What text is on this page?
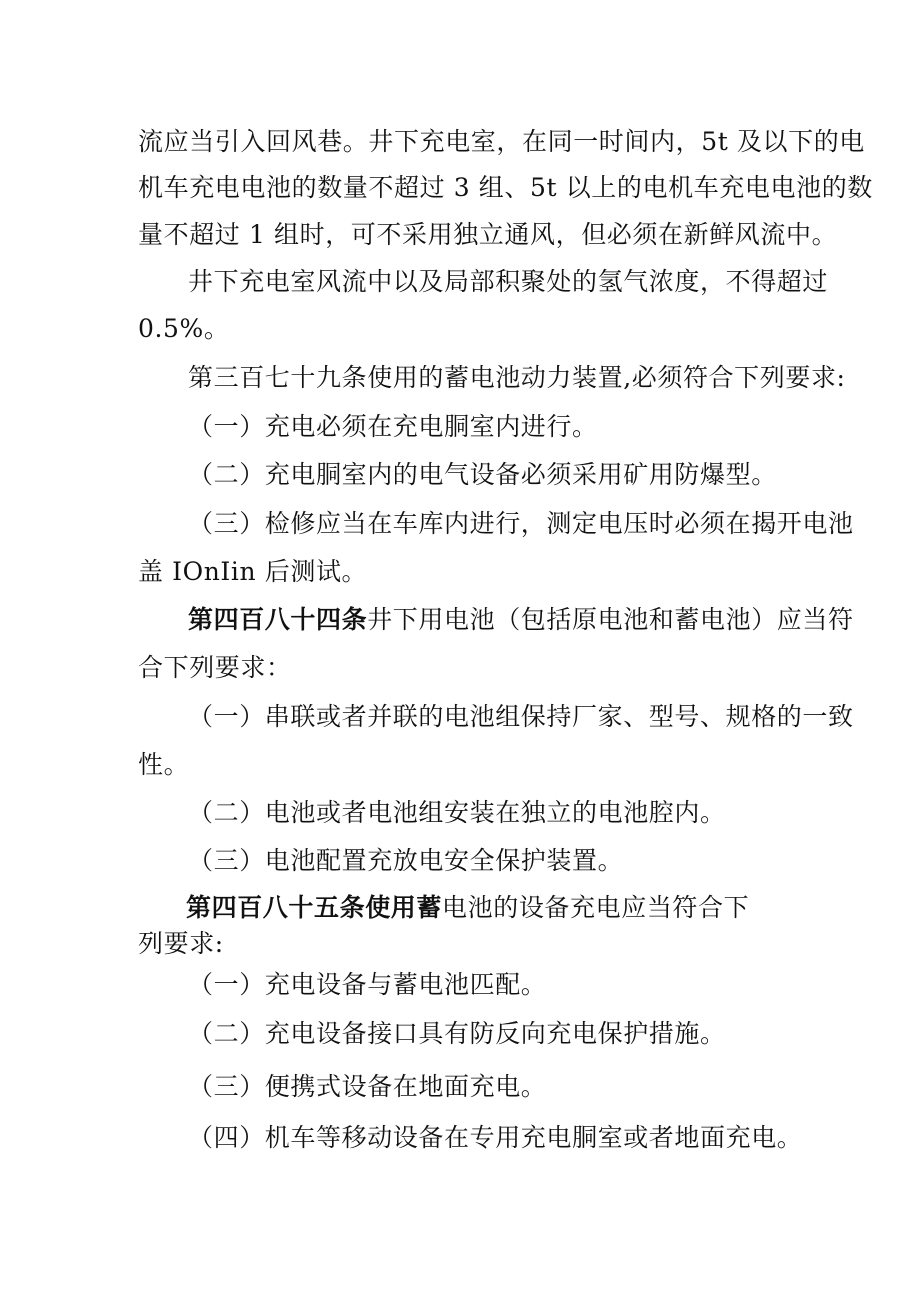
流应当引入回风巷。井下充电室，在同一时间内，5t 及以下的电
机车充电电池的数量不超过 3 组、5t 以上的电机车充电电池的数
量不超过 1 组时，可不采用独立通风，但必须在新鲜风流中。
井下充电室风流中以及局部积聚处的氢气浓度，不得超过
0.5%。
第三百七十九条使用的蓄电池动力装置,必须符合下列要求:
（一）充电必须在充电胴室内进行。
（二）充电胴室内的电气设备必须采用矿用防爆型。
（三）检修应当在车库内进行，测定电压时必须在揭开电池
盖 IOnIin 后测试。
第四百八十四条井下用电池（包括原电池和蓄电池）应当符
合下列要求：
（一）串联或者并联的电池组保持厂家、型号、规格的一致
性。
（二）电池或者电池组安装在独立的电池腔内。
（三）电池配置充放电安全保护装置。
第四百八十五条使用蓄电池的设备充电应当符合下
列要求:
（一）充电设备与蓄电池匹配。
（二）充电设备接口具有防反向充电保护措施。
（三）便携式设备在地面充电。
（四）机车等移动设备在专用充电胴室或者地面充电。
